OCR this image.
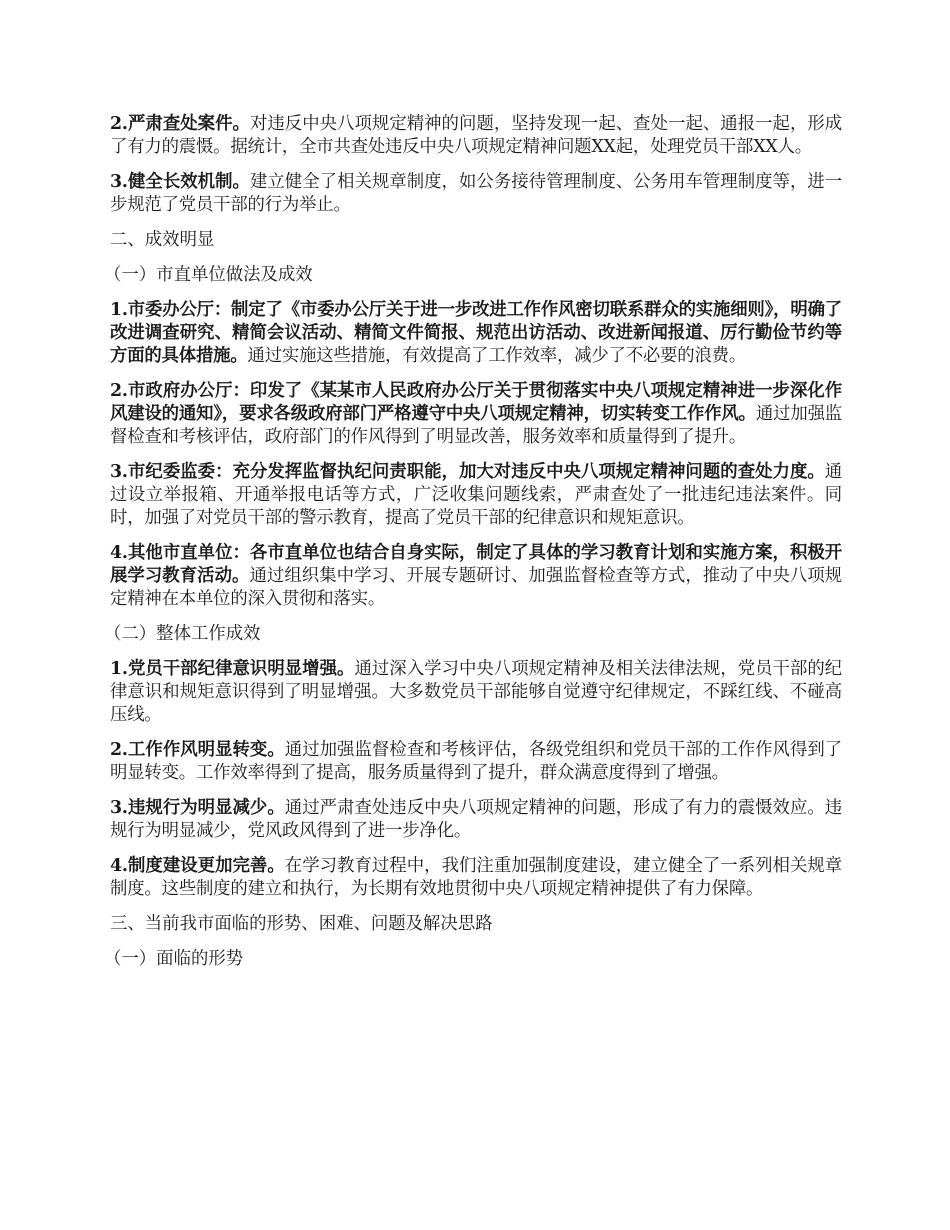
2.严肃查处案件。对违反中央八项规定精神的问题，坚持发现一起、查处一起、通报一起，形成了有力的震慑。据统计，全市共查处违反中央八项规定精神问题XX起，处理党员干部XX人。

3.健全长效机制。建立健全了相关规章制度，如公务接待管理制度、公务用车管理制度等，进一步规范了党员干部的行为举止。

二、成效明显

（一）市直单位做法及成效

1.市委办公厅：制定了《市委办公厅关于进一步改进工作作风密切联系群众的实施细则》，明确了改进调查研究、精简会议活动、精简文件简报、规范出访活动、改进新闻报道、厉行勤俭节约等方面的具体措施。通过实施这些措施，有效提高了工作效率，减少了不必要的浪费。

2.市政府办公厅：印发了《某某市人民政府办公厅关于贯彻落实中央八项规定精神进一步深化作风建设的通知》，要求各级政府部门严格遵守中央八项规定精神，切实转变工作作风。通过加强监督检查和考核评估，政府部门的作风得到了明显改善，服务效率和质量得到了提升。

3.市纪委监委：充分发挥监督执纪问责职能，加大对违反中央八项规定精神问题的查处力度。通过设立举报箱、开通举报电话等方式，广泛收集问题线索，严肃查处了一批违纪违法案件。同时，加强了对党员干部的警示教育，提高了党员干部的纪律意识和规矩意识。

4.其他市直单位：各市直单位也结合自身实际，制定了具体的学习教育计划和实施方案，积极开展学习教育活动。通过组织集中学习、开展专题研讨、加强监督检查等方式，推动了中央八项规定精神在本单位的深入贯彻和落实。

（二）整体工作成效

1.党员干部纪律意识明显增强。通过深入学习中央八项规定精神及相关法律法规，党员干部的纪律意识和规矩意识得到了明显增强。大多数党员干部能够自觉遵守纪律规定，不踩红线、不碰高压线。

2.工作作风明显转变。通过加强监督检查和考核评估，各级党组织和党员干部的工作作风得到了明显转变。工作效率得到了提高，服务质量得到了提升，群众满意度得到了增强。

3.违规行为明显减少。通过严肃查处违反中央八项规定精神的问题，形成了有力的震慑效应。违规行为明显减少，党风政风得到了进一步净化。

4.制度建设更加完善。在学习教育过程中，我们注重加强制度建设，建立健全了一系列相关规章制度。这些制度的建立和执行，为长期有效地贯彻中央八项规定精神提供了有力保障。

三、当前我市面临的形势、困难、问题及解决思路

（一）面临的形势
